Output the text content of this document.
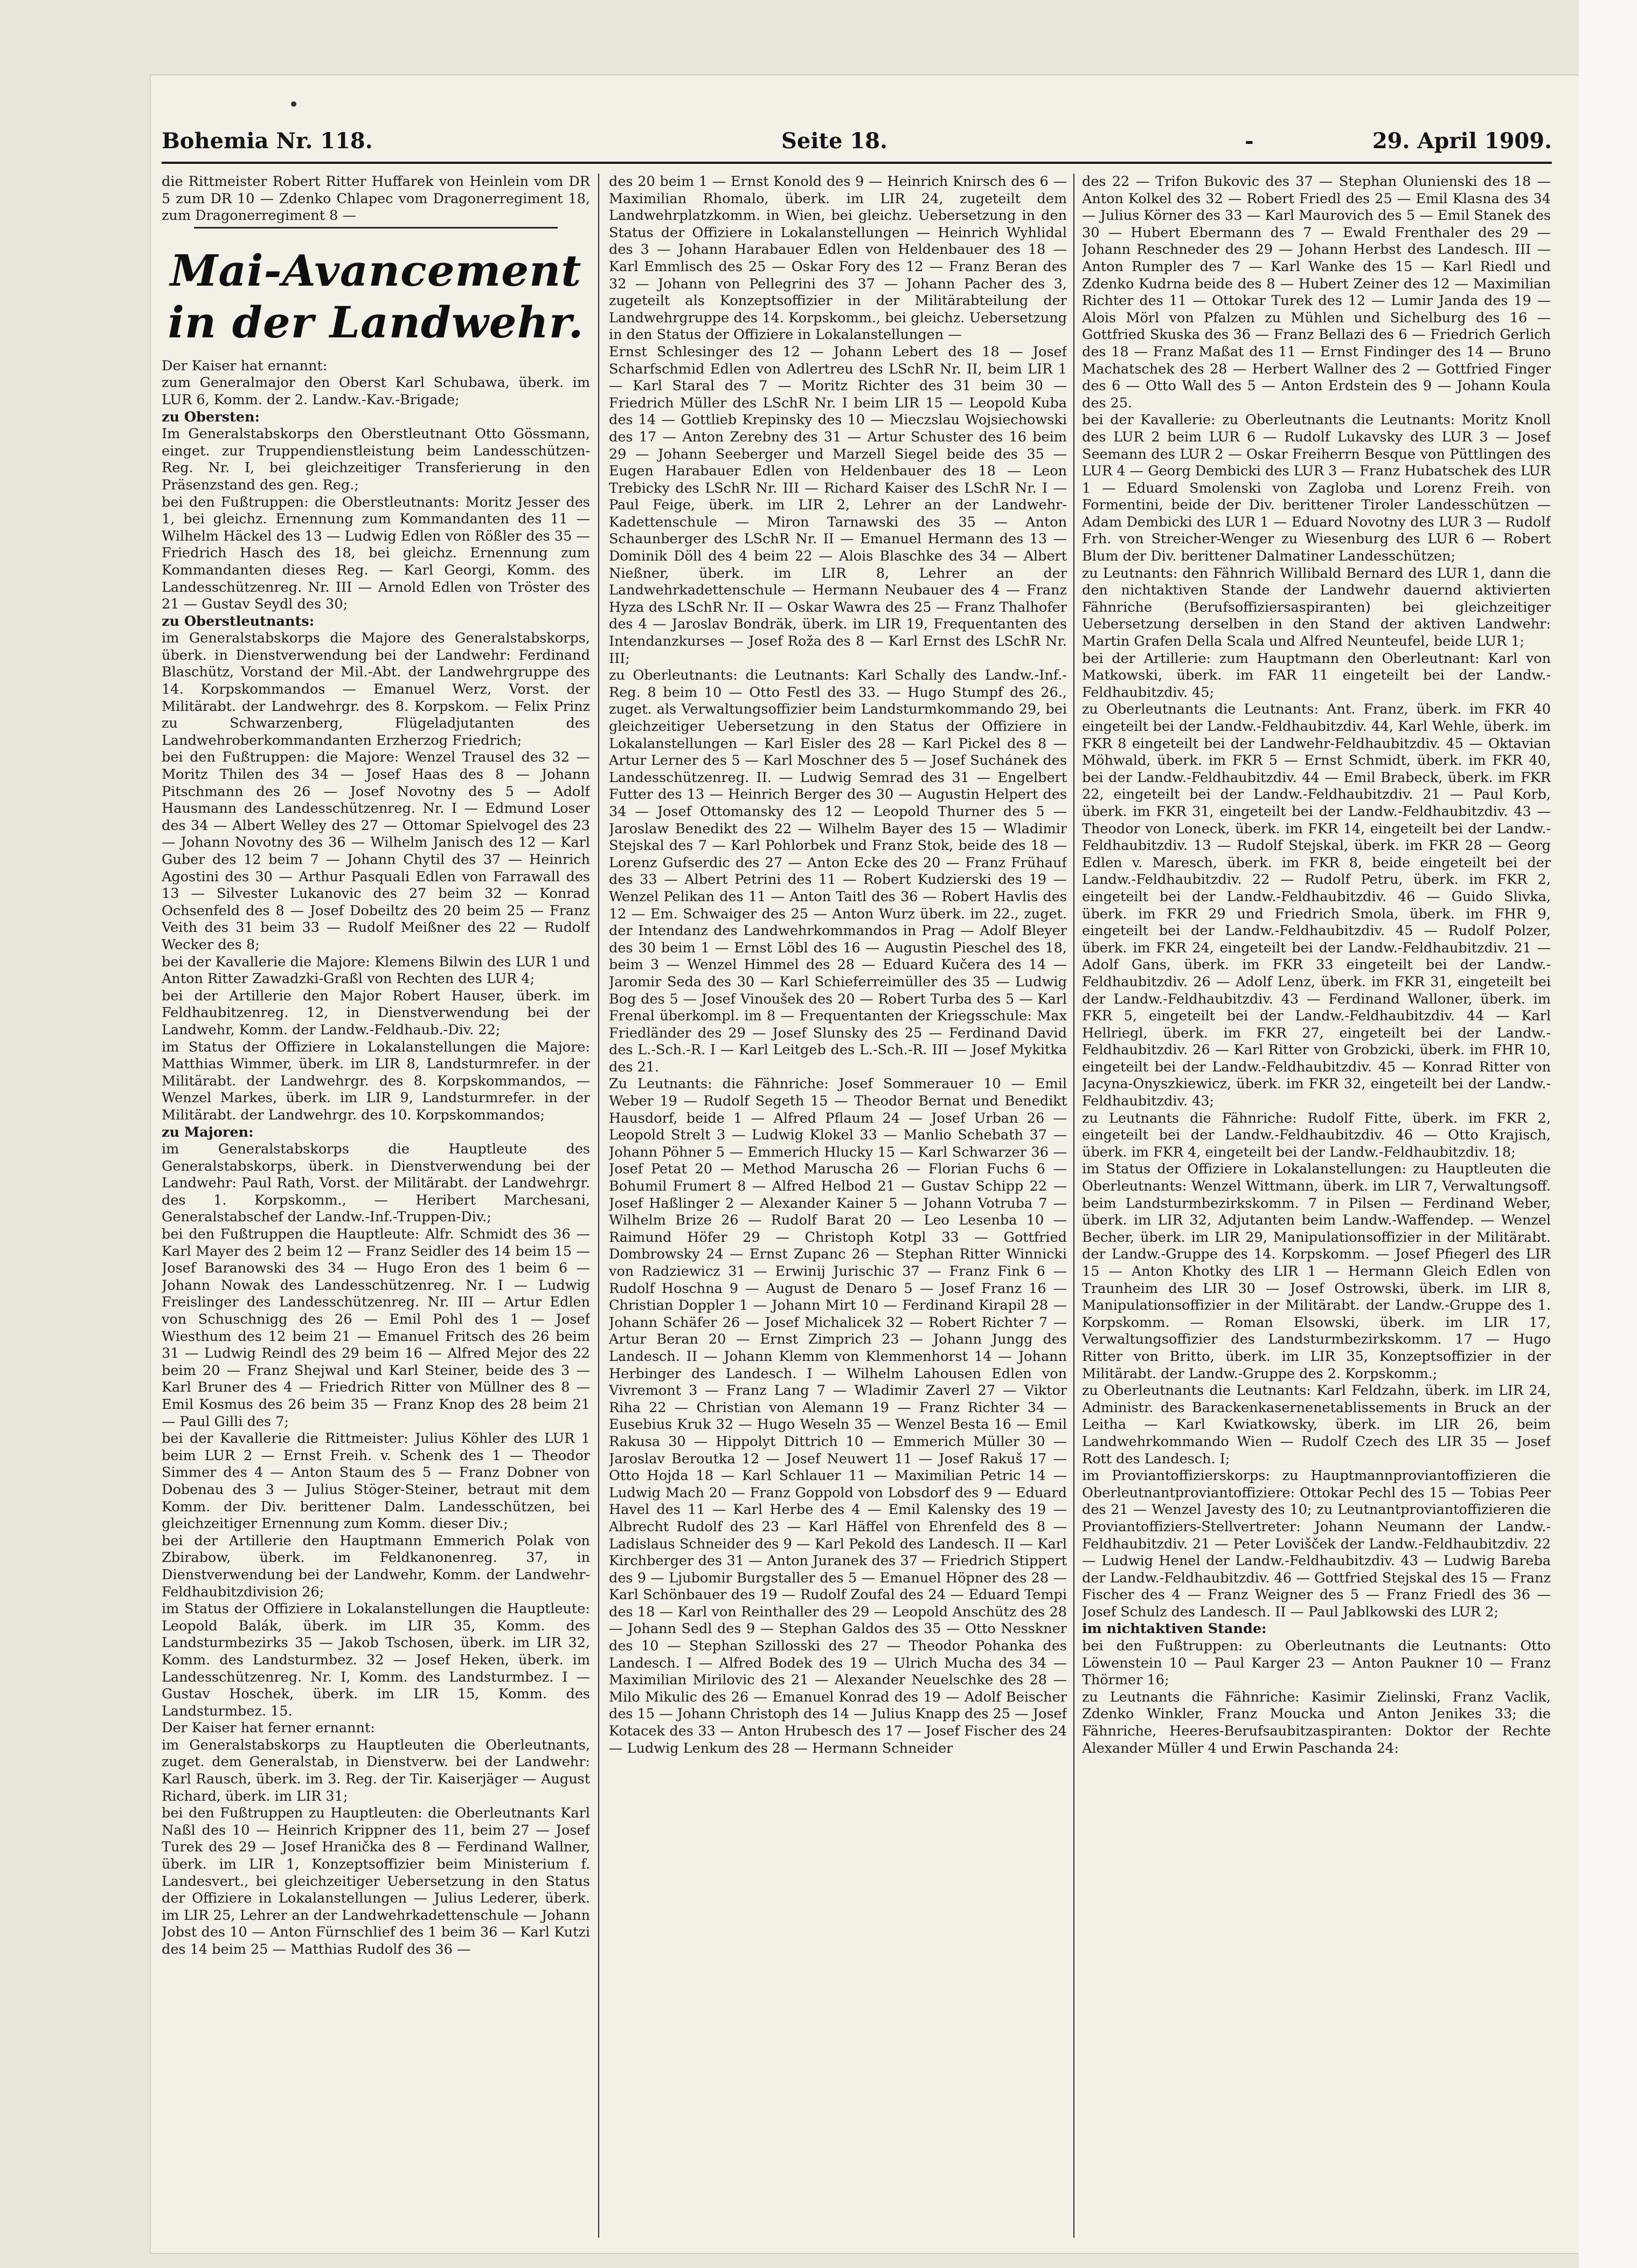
Bohemia Nr. 118.	Seite 18.	-	29. April 1909.

die Rittmeister Robert Ritter Huffarek von Heinlein vom DR 5 zum DR 10 — Zdenko Chlapec vom Dragonerregiment 18, zum Dragonerregiment 8 —

Mai-Avancement
in der Landwehr.

Der Kaiser hat ernannt:

zum Generalmajor den Oberst Karl Schubawa, überk. im LUR 6, Komm. der 2. Landw.-Kav.-Brigade;

zu Obersten:

Im Generalstabskorps den Oberstleutnant Otto Gössmann, einget. zur Truppendienstleistung beim Landesschützen-Reg. Nr. I, bei gleichzeitiger Transferierung in den Präsenzstand des gen. Reg.;

bei den Fußtruppen: die Oberstleutnants: Moritz Jesser des 1, bei gleichz. Ernennung zum Kommandanten des 11 — Wilhelm Häckel des 13 — Ludwig Edlen von Rößler des 35 — Friedrich Hasch des 18, bei gleichz. Ernennung zum Kommandanten dieses Reg. — Karl Georgi, Komm. des Landesschützenreg. Nr. III — Arnold Edlen von Tröster des 21 — Gustav Seydl des 30;

zu Oberstleutnants:

im Generalstabskorps die Majore des Generalstabskorps, überk. in Dienstverwendung bei der Landwehr: Ferdinand Blaschütz, Vorstand der Mil.-Abt. der Landwehrgruppe des 14. Korpskommandos — Emanuel Werz, Vorst. der Militärabt. der Landwehrgr. des 8. Korpskom. — Felix Prinz zu Schwarzenberg, Flügeladjutanten des Landwehroberkommandanten Erzherzog Friedrich;

bei den Fußtruppen: die Majore: Wenzel Trausel des 32 — Moritz Thilen des 34 — Josef Haas des 8 — Johann Pitschmann des 26 — Josef Novotny des 5 — Adolf Hausmann des Landesschützenreg. Nr. I — Edmund Loser des 34 — Albert Welley des 27 — Ottomar Spielvogel des 23 — Johann Novotny des 36 — Wilhelm Janisch des 12 — Karl Guber des 12 beim 7 — Johann Chytil des 37 — Heinrich Agostini des 30 — Arthur Pasquali Edlen von Farrawall des 13 — Silvester Lukanovic des 27 beim 32 — Konrad Ochsenfeld des 8 — Josef Dobeiltz des 20 beim 25 — Franz Veith des 31 beim 33 — Rudolf Meißner des 22 — Rudolf Wecker des 8;

bei der Kavallerie die Majore: Klemens Bilwin des LUR 1 und Anton Ritter Zawadzki-Graßl von Rechten des LUR 4;

bei der Artillerie den Major Robert Hauser, überk. im Feldhaubitzenreg. 12, in Dienstverwendung bei der Landwehr, Komm. der Landw.-Feldhaub.-Div. 22;

im Status der Offiziere in Lokalanstellungen die Majore: Matthias Wimmer, überk. im LIR 8, Landsturmrefer. in der Militärabt. der Landwehrgr. des 8. Korpskommandos, — Wenzel Markes, überk. im LIR 9, Landsturmrefer. in der Militärabt. der Landwehrgr. des 10. Korpskommandos;

zu Majoren:

im Generalstabskorps die Hauptleute des Generalstabskorps, überk. in Dienstverwendung bei der Landwehr: Paul Rath, Vorst. der Militärabt. der Landwehrgr. des 1. Korpskomm., — Heribert Marchesani, Generalstabschef der Landw.-Inf.-Truppen-Div.;

bei den Fußtruppen die Hauptleute: Alfr. Schmidt des 36 — Karl Mayer des 2 beim 12 — Franz Seidler des 14 beim 15 — Josef Baranowski des 34 — Hugo Eron des 1 beim 6 — Johann Nowak des Landesschützenreg. Nr. I — Ludwig Freislinger des Landesschützenreg. Nr. III — Artur Edlen von Schuschnigg des 26 — Emil Pohl des 1 — Josef Wiesthum des 12 beim 21 — Emanuel Fritsch des 26 beim 31 — Ludwig Reindl des 29 beim 16 — Alfred Mejor des 22 beim 20 — Franz Shejwal und Karl Steiner, beide des 3 — Karl Bruner des 4 — Friedrich Ritter von Müllner des 8 — Emil Kosmus des 26 beim 35 — Franz Knop des 28 beim 21 — Paul Gilli des 7;

bei der Kavallerie die Rittmeister: Julius Köhler des LUR 1 beim LUR 2 — Ernst Freih. v. Schenk des 1 — Theodor Simmer des 4 — Anton Staum des 5 — Franz Dobner von Dobenau des 3 — Julius Stöger-Steiner, betraut mit dem Komm. der Div. berittener Dalm. Landesschützen, bei gleichzeitiger Ernennung zum Komm. dieser Div.;

bei der Artillerie den Hauptmann Emmerich Polak von Zbirabow, überk. im Feldkanonenreg. 37, in Dienstverwendung bei der Landwehr, Komm. der Landwehr-Feldhaubitzdivision 26;

im Status der Offiziere in Lokalanstellungen die Hauptleute: Leopold Balák, überk. im LIR 35, Komm. des Landsturmbezirks 35 — Jakob Tschosen, überk. im LIR 32, Komm. des Landsturmbez. 32 — Josef Heken, überk. im Landesschützenreg. Nr. I, Komm. des Landsturmbez. I — Gustav Hoschek, überk. im LIR 15, Komm. des Landsturmbez. 15.

Der Kaiser hat ferner ernannt:

im Generalstabskorps zu Hauptleuten die Oberleutnants, zuget. dem Generalstab, in Dienstverw. bei der Landwehr: Karl Rausch, überk. im 3. Reg. der Tir. Kaiserjäger — August Richard, überk. im LIR 31;

bei den Fußtruppen zu Hauptleuten: die Oberleutnants Karl Naßl des 10 — Heinrich Krippner des 11, beim 27 — Josef Turek des 29 — Josef Hranička des 8 — Ferdinand Wallner, überk. im LIR 1, Konzeptsoffizier beim Ministerium f. Landesvert., bei gleichzeitiger Uebersetzung in den Status der Offiziere in Lokalanstellungen — Julius Lederer, überk. im LIR 25, Lehrer an der Landwehrkadettenschule — Johann Jobst des 10 — Anton Fürnschlief des 1 beim 36 — Karl Kutzi des 14 beim 25 — Matthias Rudolf des 36 —

des 20 beim 1 — Ernst Konold des 9 — Heinrich Knirsch des 6 — Maximilian Rhomalo, überk. im LIR 24, zugeteilt dem Landwehrplatzkomm. in Wien, bei gleichz. Uebersetzung in den Status der Offiziere in Lokalanstellungen — Heinrich Wyhlidal des 3 — Johann Harabauer Edlen von Heldenbauer des 18 — Karl Emmlisch des 25 — Oskar Fory des 12 — Franz Beran des 32 — Johann von Pellegrini des 37 — Johann Pacher des 3, zugeteilt als Konzeptsoffizier in der Militärabteilung der Landwehrgruppe des 14. Korpskomm., bei gleichz. Uebersetzung in den Status der Offiziere in Lokalanstellungen —

Ernst Schlesinger des 12 — Johann Lebert des 18 — Josef Scharfschmid Edlen von Adlertreu des LSchR Nr. II, beim LIR 1 — Karl Staral des 7 — Moritz Richter des 31 beim 30 — Friedrich Müller des LSchR Nr. I beim LIR 15 — Leopold Kuba des 14 — Gottlieb Krepinsky des 10 — Mieczslau Wojsiechowski des 17 — Anton Zerebny des 31 — Artur Schuster des 16 beim 29 — Johann Seeberger und Marzell Siegel beide des 35 — Eugen Harabauer Edlen von Heldenbauer des 18 — Leon Trebicky des LSchR Nr. III — Richard Kaiser des LSchR Nr. I — Paul Feige, überk. im LIR 2, Lehrer an der Landwehr-Kadettenschule — Miron Tarnawski des 35 — Anton Schaunberger des LSchR Nr. II — Emanuel Hermann des 13 — Dominik Döll des 4 beim 22 — Alois Blaschke des 34 — Albert Nießner, überk. im LIR 8, Lehrer an der Landwehrkadettenschule — Hermann Neubauer des 4 — Franz Hyza des LSchR Nr. II — Oskar Wawra des 25 — Franz Thalhofer des 4 — Jaroslav Bondräk, überk. im LIR 19, Frequentanten des Intendanzkurses — Josef Roža des 8 — Karl Ernst des LSchR Nr. III;

zu Oberleutnants: die Leutnants: Karl Schally des Landw.-Inf.-Reg. 8 beim 10 — Otto Festl des 33. — Hugo Stumpf des 26., zuget. als Verwaltungsoffizier beim Landsturmkommando 29, bei gleichzeitiger Uebersetzung in den Status der Offiziere in Lokalanstellungen — Karl Eisler des 28 — Karl Pickel des 8 — Artur Lerner des 5 — Karl Moschner des 5 — Josef Suchánek des Landesschützenreg. II. — Ludwig Semrad des 31 — Engelbert Futter des 13 — Heinrich Berger des 30 — Augustin Helpert des 34 — Josef Ottomansky des 12 — Leopold Thurner des 5 — Jaroslaw Benedikt des 22 — Wilhelm Bayer des 15 — Wladimir Stejskal des 7 — Karl Pohlorbek und Franz Stok, beide des 18 — Lorenz Gufserdic des 27 — Anton Ecke des 20 — Franz Frühauf des 33 — Albert Petrini des 11 — Robert Kudzierski des 19 — Wenzel Pelikan des 11 — Anton Taitl des 36 — Robert Havlis des 12 — Em. Schwaiger des 25 — Anton Wurz überk. im 22., zuget. der Intendanz des Landwehrkommandos in Prag — Adolf Bleyer des 30 beim 1 — Ernst Löbl des 16 — Augustin Pieschel des 18, beim 3 — Wenzel Himmel des 28 — Eduard Kučera des 14 — Jaromir Seda des 30 — Karl Schieferreimüller des 35 — Ludwig Bog des 5 — Josef Vinoušek des 20 — Robert Turba des 5 — Karl Frenal überkompl. im 8 — Frequentanten der Kriegsschule: Max Friedländer des 29 — Josef Slunsky des 25 — Ferdinand David des L.-Sch.-R. I — Karl Leitgeb des L.-Sch.-R. III — Josef Mykitka des 21.

Zu Leutnants: die Fähnriche: Josef Sommerauer 10 — Emil Weber 19 — Rudolf Segeth 15 — Theodor Bernat und Benedikt Hausdorf, beide 1 — Alfred Pflaum 24 — Josef Urban 26 — Leopold Strelt 3 — Ludwig Klokel 33 — Manlio Schebath 37 — Johann Pöhner 5 — Emmerich Hlucky 15 — Karl Schwarzer 36 — Josef Petat 20 — Method Maruscha 26 — Florian Fuchs 6 — Bohumil Frumert 8 — Alfred Helbod 21 — Gustav Schipp 22 — Josef Haßlinger 2 — Alexander Kainer 5 — Johann Votruba 7 — Wilhelm Brize 26 — Rudolf Barat 20 — Leo Lesenba 10 — Raimund Höfer 29 — Christoph Kotpl 33 — Gottfried Dombrowsky 24 — Ernst Zupanc 26 — Stephan Ritter Winnicki von Radziewicz 31 — Erwinij Jurischic 37 — Franz Fink 6 — Rudolf Hoschna 9 — August de Denaro 5 — Josef Franz 16 — Christian Doppler 1 — Johann Mirt 10 — Ferdinand Kirapil 28 — Johann Schäfer 26 — Josef Michalicek 32 — Robert Richter 7 — Artur Beran 20 — Ernst Zimprich 23 — Johann Jungg des Landesch. II — Johann Klemm von Klemmenhorst 14 — Johann Herbinger des Landesch. I — Wilhelm Lahousen Edlen von Vivremont 3 — Franz Lang 7 — Wladimir Zaverl 27 — Viktor Riha 22 — Christian von Alemann 19 — Franz Richter 34 — Eusebius Kruk 32 — Hugo Weseln 35 — Wenzel Besta 16 — Emil Rakusa 30 — Hippolyt Dittrich 10 — Emmerich Müller 30 — Jaroslav Beroutka 12 — Josef Neuwert 11 — Josef Rakuš 17 — Otto Hojda 18 — Karl Schlauer 11 — Maximilian Petric 14 — Ludwig Mach 20 — Franz Goppold von Lobsdorf des 9 — Eduard Havel des 11 — Karl Herbe des 4 — Emil Kalensky des 19 — Albrecht Rudolf des 23 — Karl Häffel von Ehrenfeld des 8 — Ladislaus Schneider des 9 — Karl Pekold des Landesch. II — Karl Kirchberger des 31 — Anton Juranek des 37 — Friedrich Stippert des 9 — Ljubomir Burgstaller des 5 — Emanuel Höpner des 28 — Karl Schönbauer des 19 — Rudolf Zoufal des 24 — Eduard Tempi des 18 — Karl von Reinthaller des 29 — Leopold Anschütz des 28 — Johann Sedl des 9 — Stephan Galdos des 35 — Otto Nesskner des 10 — Stephan Szillosski des 27 — Theodor Pohanka des Landesch. I — Alfred Bodek des 19 — Ulrich Mucha des 34 — Maximilian Mirilovic des 21 — Alexander Neuelschke des 28 — Milo Mikulic des 26 — Emanuel Konrad des 19 — Adolf Beischer des 15 — Johann Christoph des 14 — Julius Knapp des 25 — Josef Kotacek des 33 — Anton Hrubesch des 17 — Josef Fischer des 24 — Ludwig Lenkum des 28 — Hermann Schneider

des 22 — Trifon Bukovic des 37 — Stephan Olunienski des 18 — Anton Kolkel des 32 — Robert Friedl des 25 — Emil Klasna des 34 — Julius Körner des 33 — Karl Maurovich des 5 — Emil Stanek des 30 — Hubert Ebermann des 7 — Ewald Frenthaler des 29 — Johann Reschneder des 29 — Johann Herbst des Landesch. III — Anton Rumpler des 7 — Karl Wanke des 15 — Karl Riedl und Zdenko Kudrna beide des 8 — Hubert Zeiner des 12 — Maximilian Richter des 11 — Ottokar Turek des 12 — Lumir Janda des 19 — Alois Mörl von Pfalzen zu Mühlen und Sichelburg des 16 — Gottfried Skuska des 36 — Franz Bellazi des 6 — Friedrich Gerlich des 18 — Franz Maßat des 11 — Ernst Findinger des 14 — Bruno Machatschek des 28 — Herbert Wallner des 2 — Gottfried Finger des 6 — Otto Wall des 5 — Anton Erdstein des 9 — Johann Koula des 25.

bei der Kavallerie: zu Oberleutnants die Leutnants: Moritz Knoll des LUR 2 beim LUR 6 — Rudolf Lukavsky des LUR 3 — Josef Seemann des LUR 2 — Oskar Freiherrn Besque von Püttlingen des LUR 4 — Georg Dembicki des LUR 3 — Franz Hubatschek des LUR 1 — Eduard Smolenski von Zagloba und Lorenz Freih. von Formentini, beide der Div. berittener Tiroler Landesschützen — Adam Dembicki des LUR 1 — Eduard Novotny des LUR 3 — Rudolf Frh. von Streicher-Wenger zu Wiesenburg des LUR 6 — Robert Blum der Div. berittener Dalmatiner Landesschützen;

zu Leutnants: den Fähnrich Willibald Bernard des LUR 1, dann die den nichtaktiven Stande der Landwehr dauernd aktivierten Fähnriche (Berufsoffiziersaspiranten) bei gleichzeitiger Uebersetzung derselben in den Stand der aktiven Landwehr: Martin Grafen Della Scala und Alfred Neunteufel, beide LUR 1;

bei der Artillerie: zum Hauptmann den Oberleutnant: Karl von Matkowski, überk. im FAR 11 eingeteilt bei der Landw.-Feldhaubitzdiv. 45;

zu Oberleutnants die Leutnants: Ant. Franz, überk. im FKR 40 eingeteilt bei der Landw.-Feldhaubitzdiv. 44, Karl Wehle, überk. im FKR 8 eingeteilt bei der Landwehr-Feldhaubitzdiv. 45 — Oktavian Möhwald, überk. im FKR 5 — Ernst Schmidt, überk. im FKR 40, bei der Landw.-Feldhaubitzdiv. 44 — Emil Brabeck, überk. im FKR 22, eingeteilt bei der Landw.-Feldhaubitzdiv. 21 — Paul Korb, überk. im FKR 31, eingeteilt bei der Landw.-Feldhaubitzdiv. 43 — Theodor von Loneck, überk. im FKR 14, eingeteilt bei der Landw.-Feldhaubitzdiv. 13 — Rudolf Stejskal, überk. im FKR 28 — Georg Edlen v. Maresch, überk. im FKR 8, beide eingeteilt bei der Landw.-Feldhaubitzdiv. 22 — Rudolf Petru, überk. im FKR 2, eingeteilt bei der Landw.-Feldhaubitzdiv. 46 — Guido Slivka, überk. im FKR 29 und Friedrich Smola, überk. im FHR 9, eingeteilt bei der Landw.-Feldhaubitzdiv. 45 — Rudolf Polzer, überk. im FKR 24, eingeteilt bei der Landw.-Feldhaubitzdiv. 21 — Adolf Gans, überk. im FKR 33 eingeteilt bei der Landw.-Feldhaubitzdiv. 26 — Adolf Lenz, überk. im FKR 31, eingeteilt bei der Landw.-Feldhaubitzdiv. 43 — Ferdinand Walloner, überk. im FKR 5, eingeteilt bei der Landw.-Feldhaubitzdiv. 44 — Karl Hellriegl, überk. im FKR 27, eingeteilt bei der Landw.-Feldhaubitzdiv. 26 — Karl Ritter von Grobzicki, überk. im FHR 10, eingeteilt bei der Landw.-Feldhaubitzdiv. 45 — Konrad Ritter von Jacyna-Onyszkiewicz, überk. im FKR 32, eingeteilt bei der Landw.-Feldhaubitzdiv. 43;

zu Leutnants die Fähnriche: Rudolf Fitte, überk. im FKR 2, eingeteilt bei der Landw.-Feldhaubitzdiv. 46 — Otto Krajisch, überk. im FKR 4, eingeteilt bei der Landw.-Feldhaubitzdiv. 18;

im Status der Offiziere in Lokalanstellungen: zu Hauptleuten die Oberleutnants: Wenzel Wittmann, überk. im LIR 7, Verwaltungsoff. beim Landsturmbezirkskomm. 7 in Pilsen — Ferdinand Weber, überk. im LIR 32, Adjutanten beim Landw.-Waffendep. — Wenzel Becher, überk. im LIR 29, Manipulationsoffizier in der Militärabt. der Landw.-Gruppe des 14. Korpskomm. — Josef Pfiegerl des LIR 15 — Anton Khotky des LIR 1 — Hermann Gleich Edlen von Traunheim des LIR 30 — Josef Ostrowski, überk. im LIR 8, Manipulationsoffizier in der Militärabt. der Landw.-Gruppe des 1. Korpskomm. — Roman Elsowski, überk. im LIR 17, Verwaltungsoffizier des Landsturmbezirkskomm. 17 — Hugo Ritter von Britto, überk. im LIR 35, Konzeptsoffizier in der Militärabt. der Landw.-Gruppe des 2. Korpskomm.;

zu Oberleutnants die Leutnants: Karl Feldzahn, überk. im LIR 24, Administr. des Barackenkasernenetablissements in Bruck an der Leitha — Karl Kwiatkowsky, überk. im LIR 26, beim Landwehrkommando Wien — Rudolf Czech des LIR 35 — Josef Rott des Landesch. I;

im Proviantoffizierskorps: zu Hauptmannproviantoffizieren die Oberleutnantproviantoffiziere: Ottokar Pechl des 15 — Tobias Peer des 21 — Wenzel Javesty des 10; zu Leutnantproviantoffizieren die Proviantoffiziers-Stellvertreter: Johann Neumann der Landw.-Feldhaubitzdiv. 21 — Peter Lovišček der Landw.-Feldhaubitzdiv. 22 — Ludwig Henel der Landw.-Feldhaubitzdiv. 43 — Ludwig Bareba der Landw.-Feldhaubitzdiv. 46 — Gottfried Stejskal des 15 — Franz Fischer des 4 — Franz Weigner des 5 — Franz Friedl des 36 — Josef Schulz des Landesch. II — Paul Jablkowski des LUR 2;

im nichtaktiven Stande:

bei den Fußtruppen: zu Oberleutnants die Leutnants: Otto Löwenstein 10 — Paul Karger 23 — Anton Paukner 10 — Franz Thörmer 16;

zu Leutnants die Fähnriche: Kasimir Zielinski, Franz Vaclik, Zdenko Winkler, Franz Moucka und Anton Jenikes 33; die Fähnriche, Heeres-Berufsaubitzaspiranten: Doktor der Rechte Alexander Müller 4 und Erwin Paschanda 24:
